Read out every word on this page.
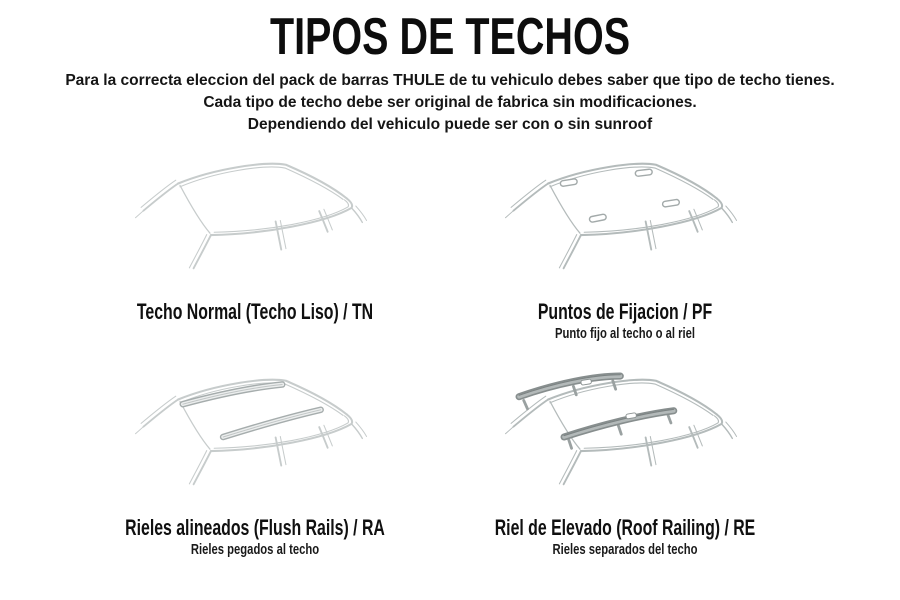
TIPOS DE TECHOS

Para la correcta eleccion del pack de barras THULE de tu vehiculo debes saber que tipo de techo tienes.

Cada tipo de techo debe ser original de fabrica sin modificaciones.

Dependiendo del vehiculo puede ser con o sin sunroof

Techo Normal (Techo Liso) / TN	Puntos de Fijacion / PF
Punto fijo al techo o al riel
Rieles alineados (Flush Rails) / RA
Rieles pegados al techo
Riel de Elevado (Roof Railing) / RE
Rieles separados del techo
